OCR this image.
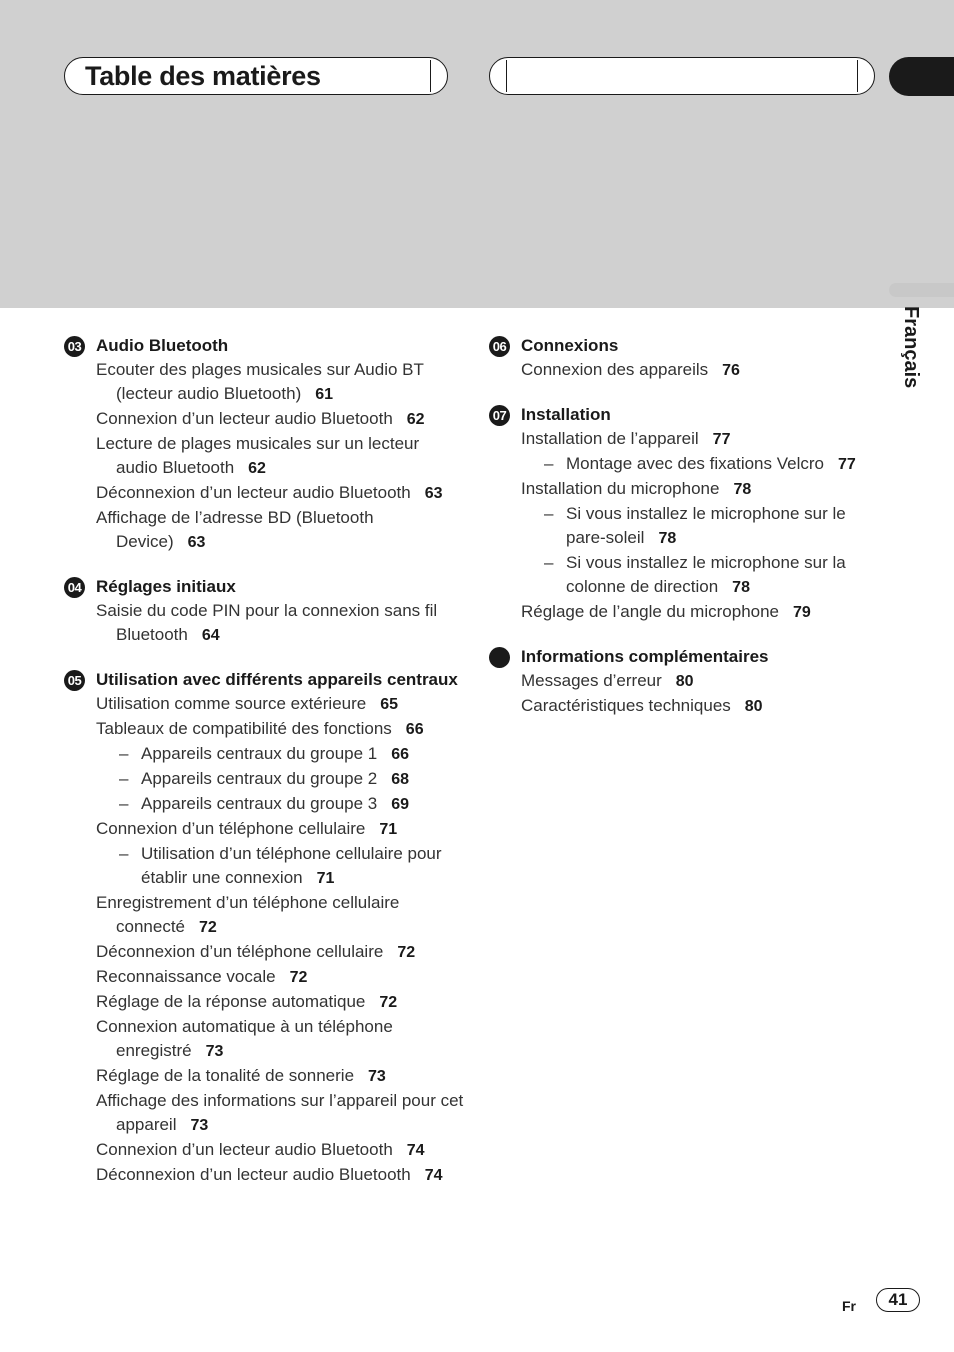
Table des matières
Français
03 Audio Bluetooth
Ecouter des plages musicales sur Audio BT (lecteur audio Bluetooth) 61
Connexion d’un lecteur audio Bluetooth 62
Lecture de plages musicales sur un lecteur audio Bluetooth 62
Déconnexion d’un lecteur audio Bluetooth 63
Affichage de l’adresse BD (Bluetooth Device) 63
04 Réglages initiaux
Saisie du code PIN pour la connexion sans fil Bluetooth 64
05 Utilisation avec différents appareils centraux
Utilisation comme source extérieure 65
Tableaux de compatibilité des fonctions 66
– Appareils centraux du groupe 1 66
– Appareils centraux du groupe 2 68
– Appareils centraux du groupe 3 69
Connexion d’un téléphone cellulaire 71
– Utilisation d’un téléphone cellulaire pour établir une connexion 71
Enregistrement d’un téléphone cellulaire connecté 72
Déconnexion d’un téléphone cellulaire 72
Reconnaissance vocale 72
Réglage de la réponse automatique 72
Connexion automatique à un téléphone enregistré 73
Réglage de la tonalité de sonnerie 73
Affichage des informations sur l’appareil pour cet appareil 73
Connexion d’un lecteur audio Bluetooth 74
Déconnexion d’un lecteur audio Bluetooth 74
06 Connexions
Connexion des appareils 76
07 Installation
Installation de l’appareil 77
– Montage avec des fixations Velcro 77
Installation du microphone 78
– Si vous installez le microphone sur le pare-soleil 78
– Si vous installez le microphone sur la colonne de direction 78
Réglage de l’angle du microphone 79
Informations complémentaires
Messages d’erreur 80
Caractéristiques techniques 80
Fr	41
